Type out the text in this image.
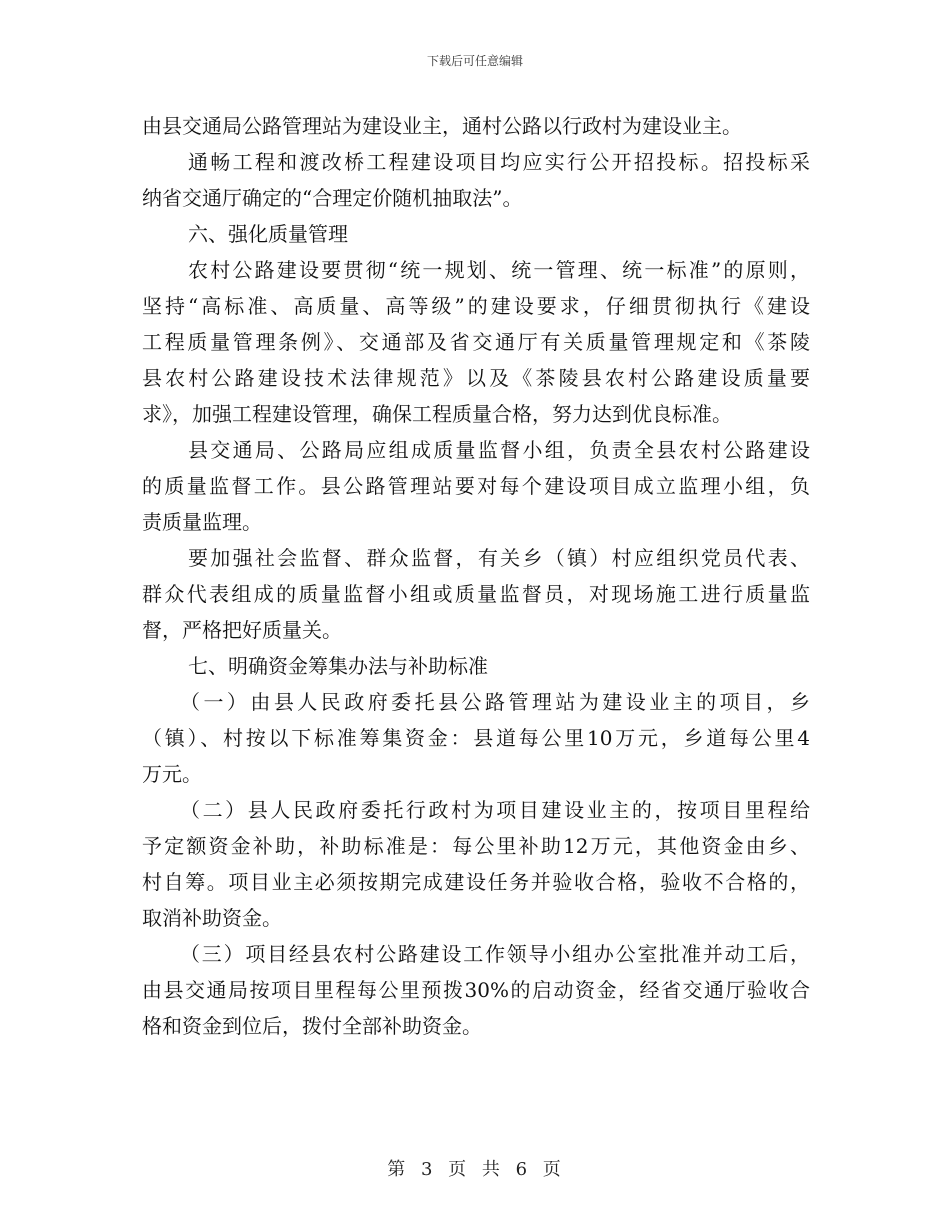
下载后可任意编辑

由县交通局公路管理站为建设业主，通村公路以行政村为建设业主。

通畅工程和渡改桥工程建设项目均应实行公开招投标。招投标采

纳省交通厅确定的“合理定价随机抽取法”。

六、强化质量管理

农村公路建设要贯彻“统一规划、统一管理、统一标准”的原则，

坚持“高标准、高质量、高等级”的建设要求，仔细贯彻执行《建设

工程质量管理条例》、交通部及省交通厅有关质量管理规定和《茶陵

县农村公路建设技术法律规范》以及《茶陵县农村公路建设质量要

求》，加强工程建设管理，确保工程质量合格，努力达到优良标准。

县交通局、公路局应组成质量监督小组，负责全县农村公路建设

的质量监督工作。县公路管理站要对每个建设项目成立监理小组，负

责质量监理。

要加强社会监督、群众监督，有关乡（镇）村应组织党员代表、

群众代表组成的质量监督小组或质量监督员，对现场施工进行质量监

督，严格把好质量关。

七、明确资金筹集办法与补助标准

（一）由县人民政府委托县公路管理站为建设业主的项目，乡

（镇）、村按以下标准筹集资金：县道每公里10万元，乡道每公里4

万元。

（二）县人民政府委托行政村为项目建设业主的，按项目里程给

予定额资金补助，补助标准是：每公里补助12万元，其他资金由乡、

村自筹。项目业主必须按期完成建设任务并验收合格，验收不合格的，

取消补助资金。

（三）项目经县农村公路建设工作领导小组办公室批准并动工后，

由县交通局按项目里程每公里预拨30%的启动资金，经省交通厅验收合

格和资金到位后，拨付全部补助资金。

第 3 页 共 6 页
